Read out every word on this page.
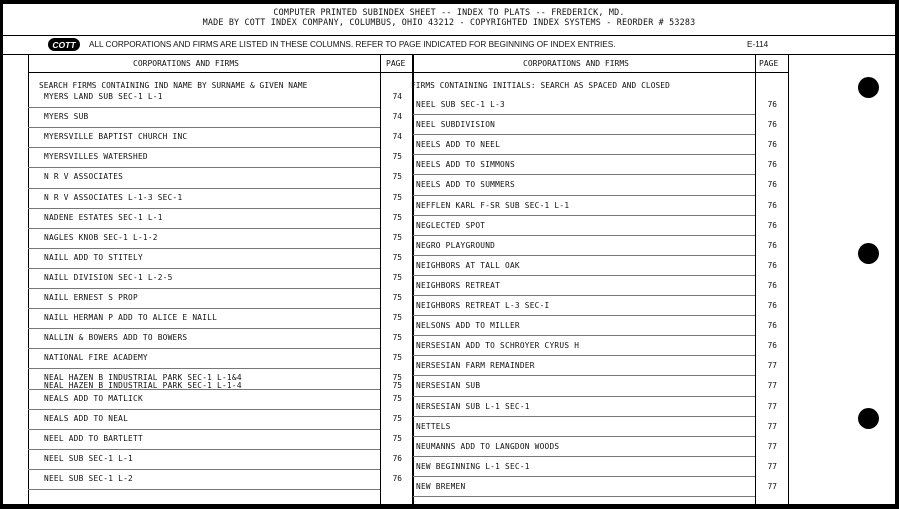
COMPUTER PRINTED SUBINDEX SHEET -- INDEX TO PLATS -- FREDERICK, MD.
MADE BY COTT INDEX COMPANY, COLUMBUS, OHIO 43212 - COPYRIGHTED INDEX SYSTEMS - REORDER # 53283
COTT	ALL CORPORATIONS AND FIRMS ARE LISTED IN THESE COLUMNS. REFER TO PAGE INDICATED FOR BEGINNING OF INDEX ENTRIES.	E-114
CORPORATIONS AND FIRMS	PAGE	CORPORATIONS AND FIRMS	PAGE
SEARCH FIRMS CONTAINING IND NAME BY SURNAME & GIVEN NAME	FIRMS CONTAINING INITIALS: SEARCH AS SPACED AND CLOSED
MYERS LAND SUB SEC-1 L-1	74
MYERS SUB	74
MYERSVILLE BAPTIST CHURCH INC	74
MYERSVILLES WATERSHED	75
N R V ASSOCIATES	75
N R V ASSOCIATES L-1-3 SEC-1	75
NADENE ESTATES SEC-1 L-1	75
NAGLES KNOB SEC-1 L-1-2	75
NAILL ADD TO STITELY	75
NAILL DIVISION SEC-1 L-2-5	75
NAILL ERNEST S PROP	75
NAILL HERMAN P ADD TO ALICE E NAILL	75
NALLIN & BOWERS ADD TO BOWERS	75
NATIONAL FIRE ACADEMY	75
NEAL HAZEN B INDUSTRIAL PARK SEC-1 L-1&4	75
NEAL HAZEN B INDUSTRIAL PARK SEC-1 L-1-4	75
NEALS ADD TO MATLICK	75
NEALS ADD TO NEAL	75
NEEL ADD TO BARTLETT	75
NEEL SUB SEC-1 L-1	76
NEEL SUB SEC-1 L-2	76
NEEL SUB SEC-1 L-3	76
NEEL SUBDIVISION	76
NEELS ADD TO NEEL	76
NEELS ADD TO SIMMONS	76
NEELS ADD TO SUMMERS	76
NEFFLEN KARL F-SR SUB SEC-1 L-1	76
NEGLECTED SPOT	76
NEGRO PLAYGROUND	76
NEIGHBORS AT TALL OAK	76
NEIGHBORS RETREAT	76
NEIGHBORS RETREAT L-3 SEC-I	76
NELSONS ADD TO MILLER	76
NERSESIAN ADD TO SCHROYER CYRUS H	76
NERSESIAN FARM REMAINDER	77
NERSESIAN SUB	77
NERSESIAN SUB L-1 SEC-1	77
NETTELS	77
NEUMANNS ADD TO LANGDON WOODS	77
NEW BEGINNING L-1 SEC-1	77
NEW BREMEN	77
